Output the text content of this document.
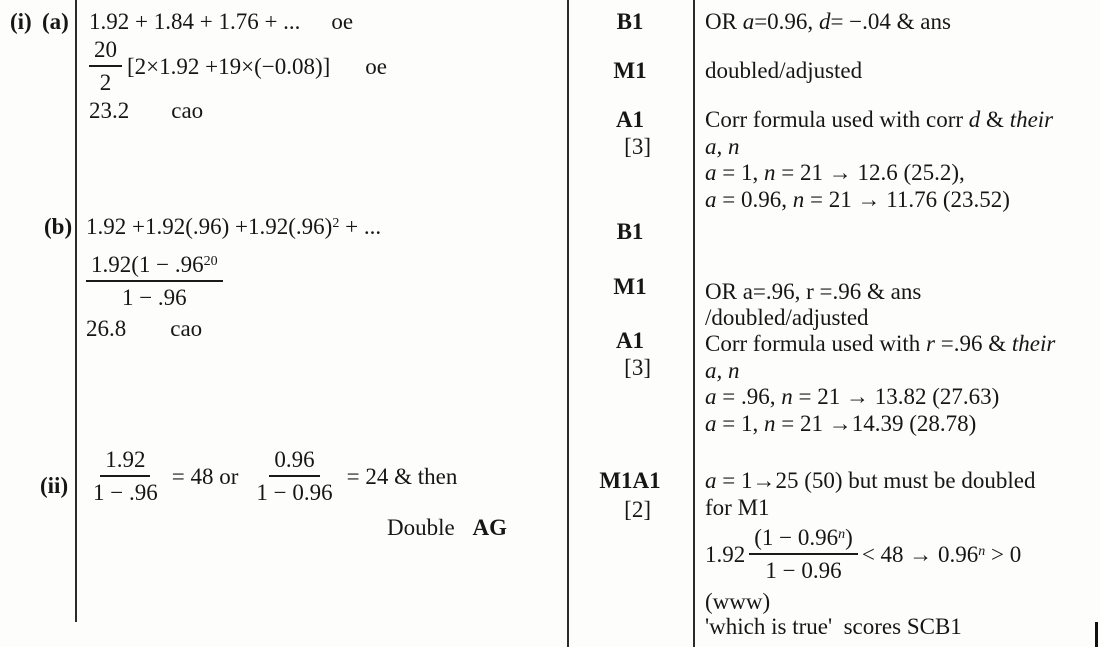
(i) (a)
(b)
(ii)
1.92 + 1.84 + 1.76 + ... oe
$\frac{20}{2} [2\times 1.92 +19\times(-0.08)]$ oe
23.2 cao
$1.92 +1.92(.96) +1.92(.96)^2$ + ...
$\frac{1.92(1 - .96^{20}}{1 - .96}$
26.8 cao
$\frac{1.92}{1 - .96} = 48$ or $\frac{0.96}{1 - 0.96} = 24$ & then
Double AG
B1
M1
A1
[3]
B1
M1
A1
[3]
M1A1
[2]
OR a=0.96, d= −.04 & ans
doubled/adjusted
Corr formula used with corr d & their
a, n
a = 1, n = 21 → 12.6 (25.2),
a = 0.96, n = 21 → 11.76 (23.52)
OR a=.96, r =.96 & ans
/doubled/adjusted
Corr formula used with r =.96 & their
a, n
a = .96, n = 21 → 13.82 (27.63)
a = 1, n = 21 →14.39 (28.78)
a = 1→25 (50) but must be doubled
for M1
$1.92 \frac{(1 - 0.96^n)}{1 - 0.96} < 48 \to 0.96^n > 0$
(www)
'which is true'  scores SCB1
